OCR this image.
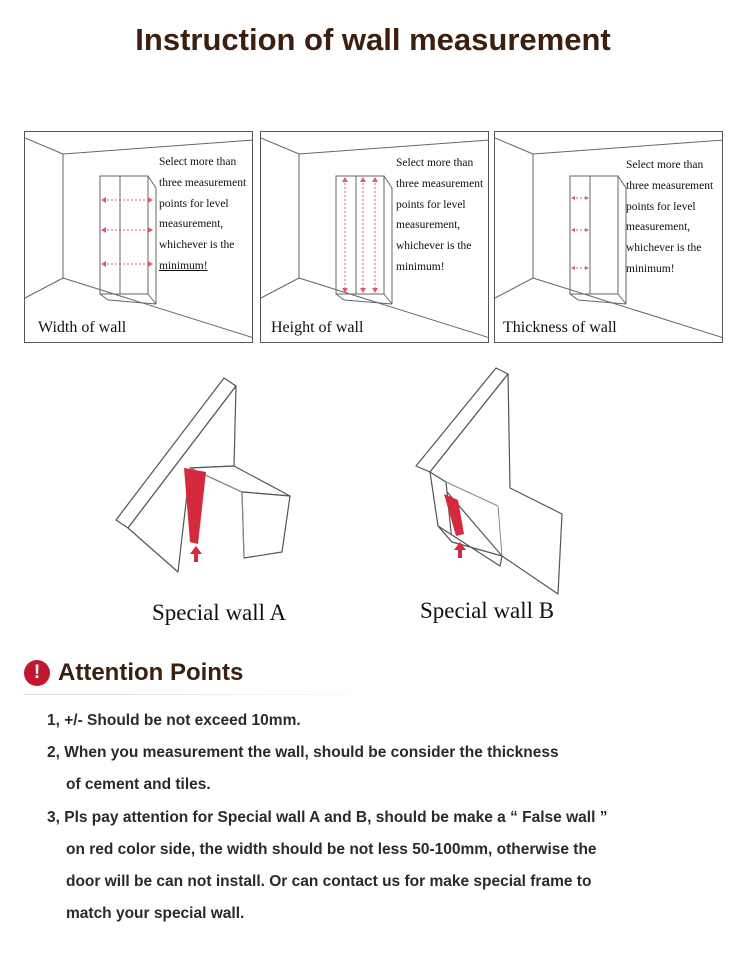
Instruction of wall measurement
Select more than
three measurement
points for level
measurement,
whichever is the
minimum!
Width of wall
Select more than
three measurement
points for level
measurement,
whichever is the
minimum!
Height of wall
Select more than
three measurement
points for level
measurement,
whichever is the
minimum!
Thickness of wall
Special wall A	Special wall B
! Attention Points
1, +/- Should be not exceed 10mm.
2, When you measurement the wall, should be consider the thickness
of cement and tiles.
3, Pls pay attention for Special wall A and B, should be make a “ False wall ”
on red color side, the width should be not less 50-100mm, otherwise the
door will be can not install. Or can contact us for make special frame to
match your special wall.
